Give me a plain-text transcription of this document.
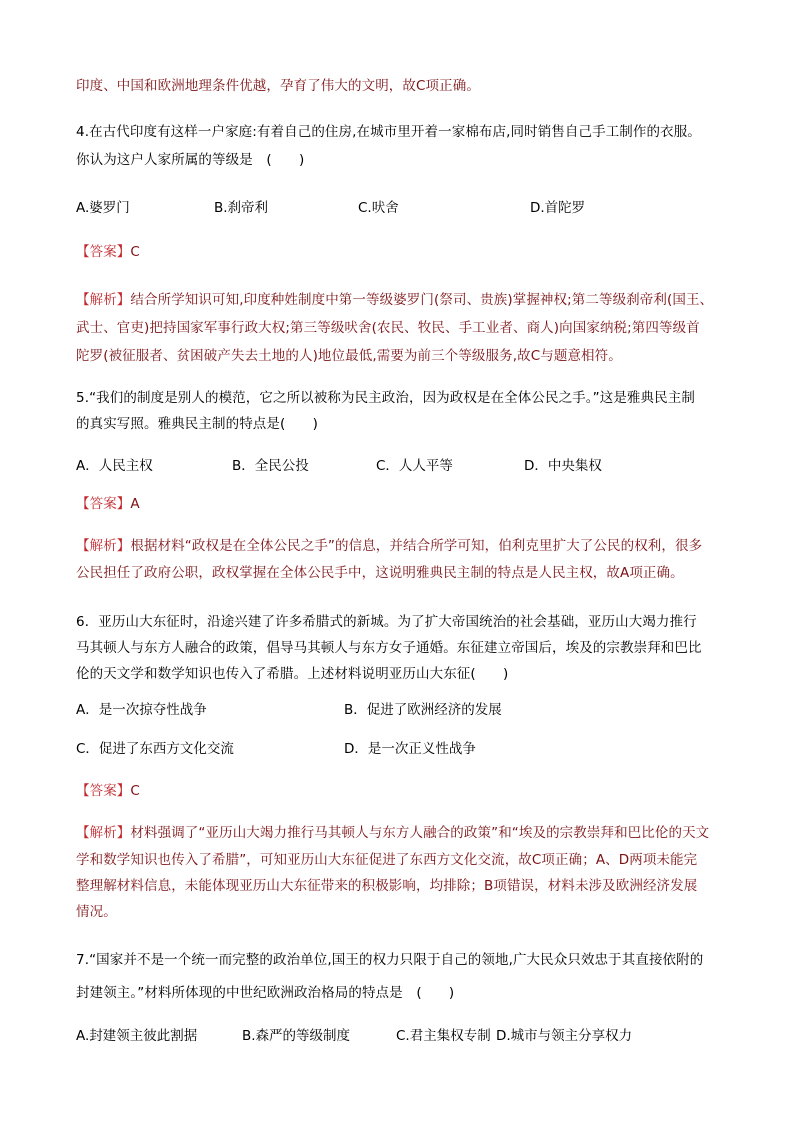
印度、中国和欧洲地理条件优越，孕育了伟大的文明，故C项正确。
4.在古代印度有这样一户家庭:有着自己的住房,在城市里开着一家棉布店,同时销售自己手工制作的衣服。
你认为这户人家所属的等级是　(　　)
A.婆罗门	B.刹帝利	C.吠舍	D.首陀罗
【答案】C
【解析】结合所学知识可知,印度种姓制度中第一等级婆罗门(祭司、贵族)掌握神权;第二等级刹帝利(国王、
武士、官吏)把持国家军事行政大权;第三等级吠舍(农民、牧民、手工业者、商人)向国家纳税;第四等级首
陀罗(被征服者、贫困破产失去土地的人)地位最低,需要为前三个等级服务,故C与题意相符。
5.“我们的制度是别人的模范，它之所以被称为民主政治，因为政权是在全体公民之手。”这是雅典民主制
的真实写照。雅典民主制的特点是(　　)
A．人民主权	B．全民公投	C．人人平等	D．中央集权
【答案】A
【解析】根据材料“政权是在全体公民之手”的信息，并结合所学可知，伯利克里扩大了公民的权利，很多
公民担任了政府公职，政权掌握在全体公民手中，这说明雅典民主制的特点是人民主权，故A项正确。
6．亚历山大东征时，沿途兴建了许多希腊式的新城。为了扩大帝国统治的社会基础，亚历山大竭力推行
马其顿人与东方人融合的政策，倡导马其顿人与东方女子通婚。东征建立帝国后，埃及的宗教崇拜和巴比
伦的天文学和数学知识也传入了希腊。上述材料说明亚历山大东征(　　)
A．是一次掠夺性战争	B．促进了欧洲经济的发展
C．促进了东西方文化交流	D．是一次正义性战争
【答案】C
【解析】材料强调了“亚历山大竭力推行马其顿人与东方人融合的政策”和“埃及的宗教崇拜和巴比伦的天文
学和数学知识也传入了希腊”，可知亚历山大东征促进了东西方文化交流，故C项正确；A、D两项未能完
整理解材料信息，未能体现亚历山大东征带来的积极影响，均排除；B项错误，材料未涉及欧洲经济发展
情况。
7.“国家并不是一个统一而完整的政治单位,国王的权力只限于自己的领地,广大民众只效忠于其直接依附的
封建领主。”材料所体现的中世纪欧洲政治格局的特点是　(　　)
A.封建领主彼此割据	B.森严的等级制度	C.君主集权专制 D.城市与领主分享权力
